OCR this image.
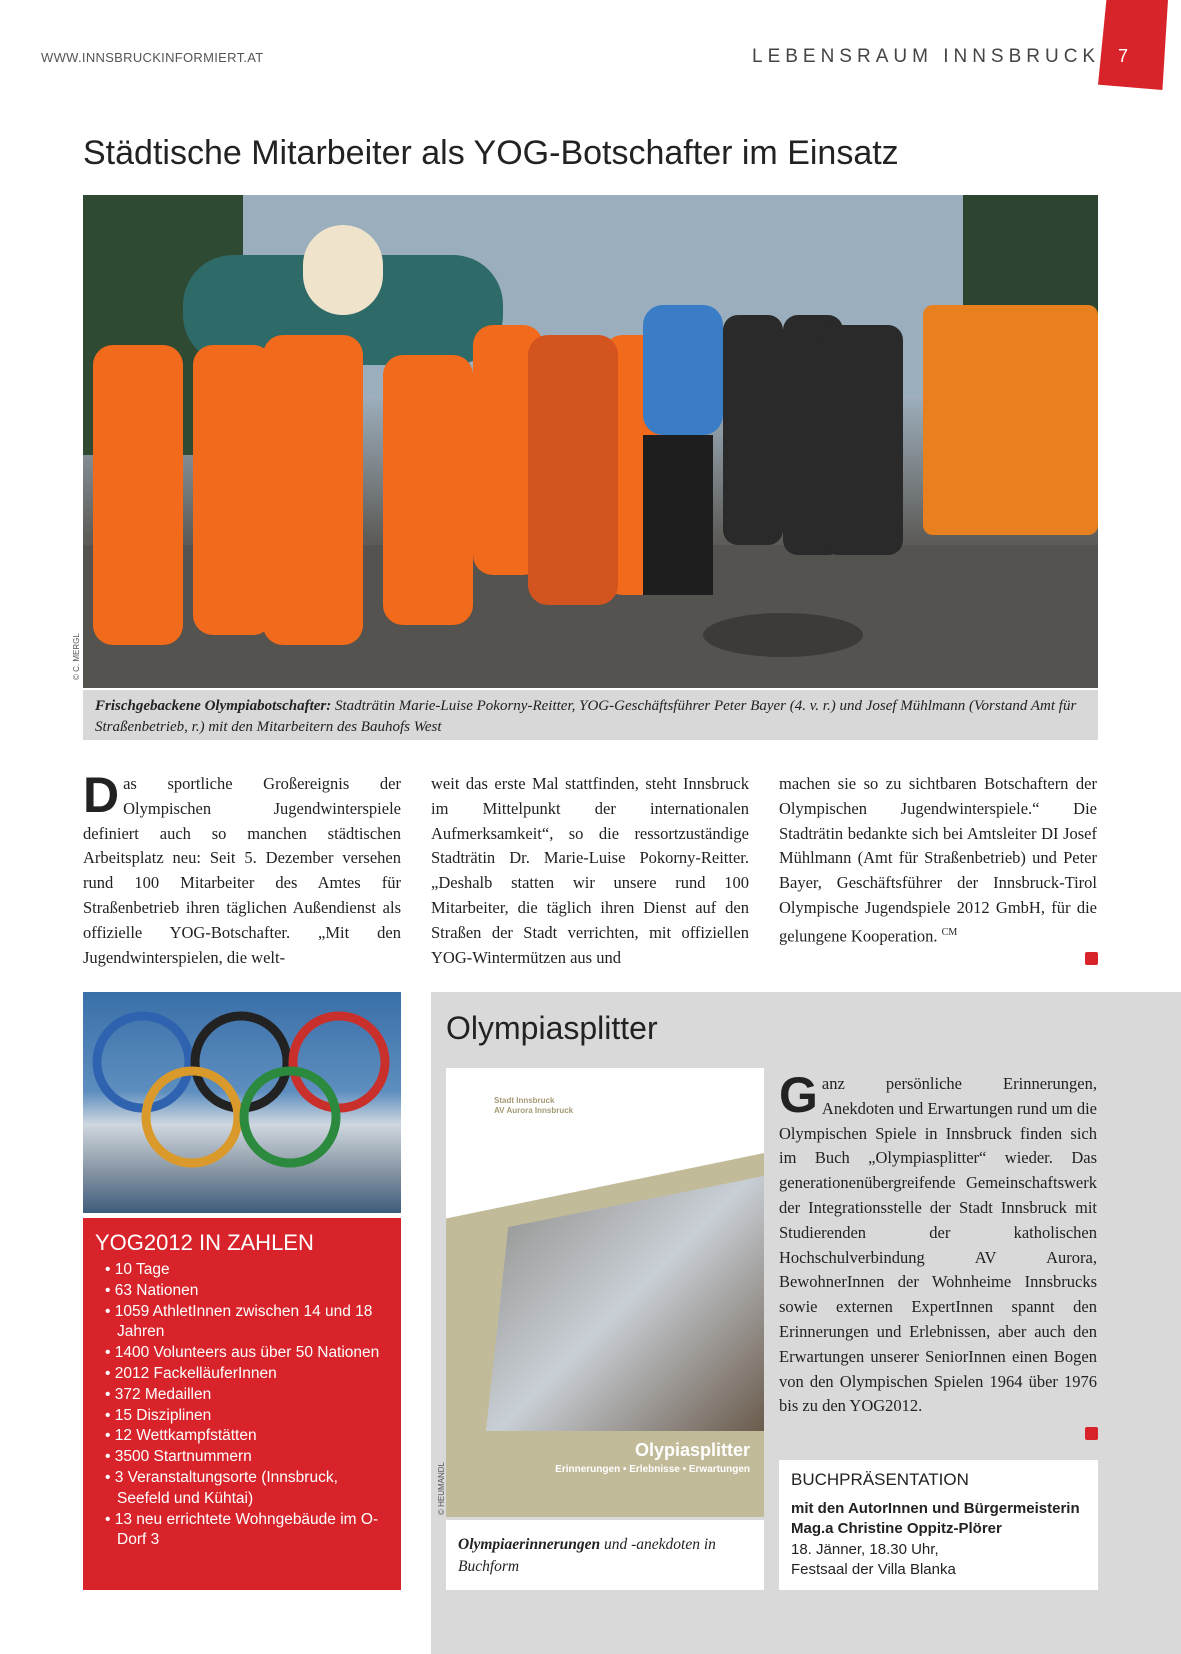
WWW.INNSBRUCKINFORMIERT.AT	LEBENSRAUM INNSBRUCK 7
Städtische Mitarbeiter als YOG-Botschafter im Einsatz
© C. MERGL
Frischgebackene Olympiabotschafter: Stadträtin Marie-Luise Pokorny-Reitter, YOG-Geschäftsführer Peter Bayer (4. v. r.) und Josef Mühlmann (Vorstand Amt für Straßenbetrieb, r.) mit den Mitarbeitern des Bauhofs West
Das sportliche Großereignis der Olympischen Jugendwinterspiele definiert auch so manchen städtischen Arbeitsplatz neu: Seit 5. Dezember versehen rund 100 Mitarbeiter des Amtes für Straßenbetrieb ihren täglichen Außendienst als offizielle YOG-Botschafter. „Mit den Jugendwinterspielen, die welt-
weit das erste Mal stattfinden, steht Innsbruck im Mittelpunkt der internationalen Aufmerksamkeit“, so die ressortzuständige Stadträtin Dr. Marie-Luise Pokorny-Reitter. „Deshalb statten wir unsere rund 100 Mitarbeiter, die täglich ihren Dienst auf den Straßen der Stadt verrichten, mit offiziellen YOG-Wintermützen aus und
machen sie so zu sichtbaren Botschaftern der Olympischen Jugendwinterspiele.“ Die Stadträtin bedankte sich bei Amtsleiter DI Josef Mühlmann (Amt für Straßenbetrieb) und Peter Bayer, Geschäftsführer der Innsbruck-Tirol Olympische Jugendspiele 2012 GmbH, für die gelungene Kooperation. $^{CM}$
YOG2012 IN ZAHLEN
• 10 Tage
• 63 Nationen
• 1059 AthletInnen zwischen 14 und 18 Jahren
• 1400 Volunteers aus über 50 Nationen
• 2012 FackelläuferInnen
• 372 Medaillen
• 15 Disziplinen
• 12 Wettkampfstätten
• 3500 Startnummern
• 3 Veranstaltungsorte (Innsbruck, Seefeld und Kühtai)
• 13 neu errichtete Wohngebäude im O-Dorf 3
Olympiasplitter
Stadt Innsbruck
AV Aurora Innsbruck
Olypiasplitter
Erinnerungen • Erlebnisse • Erwartungen
© HEUMANDL
Olympiaerinnerungen und -anekdoten in Buchform
Ganz persönliche Erinnerungen, Anekdoten und Erwartungen rund um die Olympischen Spiele in Innsbruck finden sich im Buch „Olympiasplitter“ wieder. Das generationenübergreifende Gemeinschaftswerk der Integrationsstelle der Stadt Innsbruck mit Studierenden der katholischen Hochschulverbindung AV Aurora, BewohnerInnen der Wohnheime Innsbrucks sowie externen ExpertInnen spannt den Erinnerungen und Erlebnissen, aber auch den Erwartungen unserer SeniorInnen einen Bogen von den Olympischen Spielen 1964 über 1976 bis zu den YOG2012.
BUCHPRÄSENTATION
mit den AutorInnen und Bürgermeisterin Mag.a Christine Oppitz-Plörer
18. Jänner, 18.30 Uhr,
Festsaal der Villa Blanka
